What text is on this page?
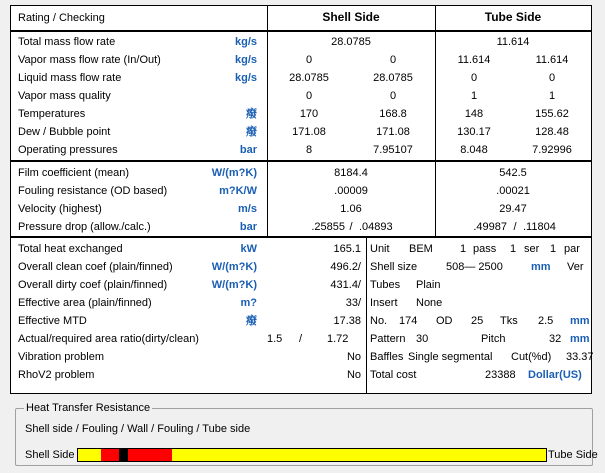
Rating / Checking	Shell Side	Tube Side
Total mass flow rate	kg/s	28.0785	11.614
Vapor mass flow rate (In/Out)	kg/s	0	0	11.614	11.614
Liquid mass flow rate	kg/s	28.0785	28.0785	0	0
Vapor mass quality	0	0	1	1
Temperatures	癈	170	168.8	148	155.62
Dew / Bubble point	癈	171.08	171.08	130.17	128.48
Operating pressures	bar	8	7.95107	8.048	7.92996
Film coefficient (mean)	W/(m?K)	8184.4	542.5
Fouling resistance (OD based)	m?K/W	.00009	.00021
Velocity (highest)	m/s	1.06	29.47
Pressure drop (allow./calc.)	bar	.25855 / .04893	.49987 / .11804
Total heat exchanged	kW	165.1
Overall clean coef (plain/finned)	W/(m?K)	496.2/
Overall dirty coef (plain/finned)	W/(m?K)	431.4/
Effective area (plain/finned)	m?	33/
Effective MTD	癈	17.38
Actual/required area ratio(dirty/clean)	1.5 / 1.72
Vibration problem	No
RhoV2 problem	No
Unit BEM 1 pass 1 ser 1 par
Shell size	508— 2500	mm Ver
Tubes Plain
Insert None
No. 174 OD 25 Tks 2.5 mm
Pattern 30	Pitch	32 mm
Baffles Single segmental Cut(%d) 33.37
Total cost	23388 Dollar(US)
Heat Transfer Resistance
Shell side / Fouling / Wall / Fouling / Tube side
Shell Side	Tube Side
